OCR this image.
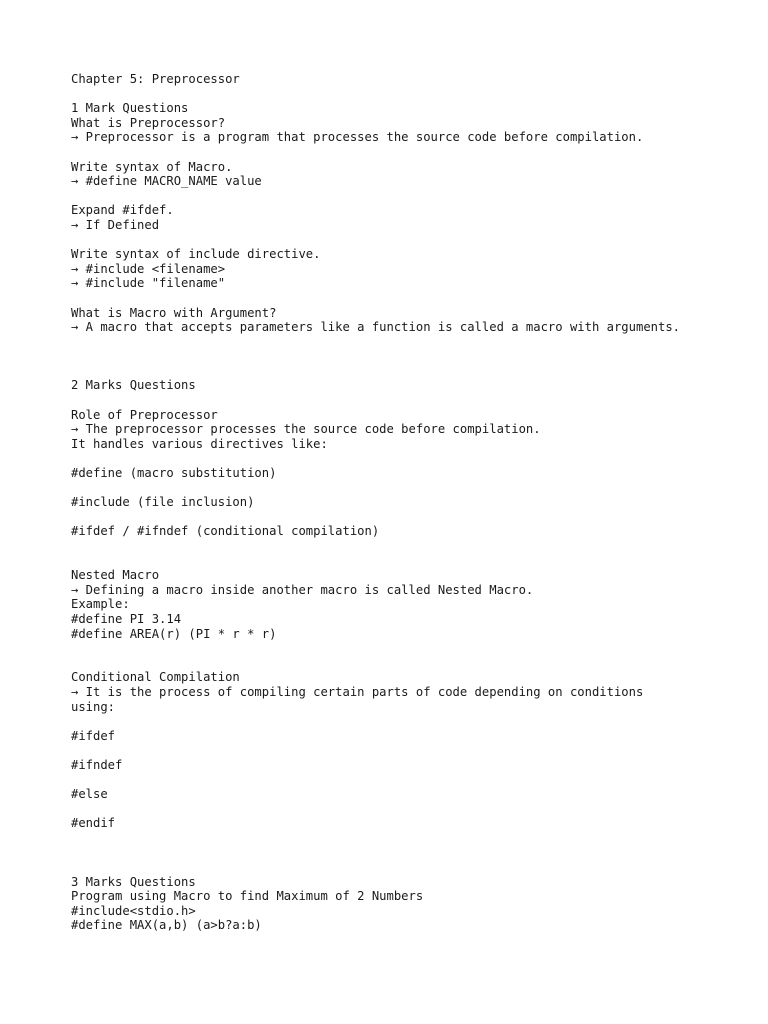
Chapter 5: Preprocessor
1 Mark Questions
What is Preprocessor?
→ Preprocessor is a program that processes the source code before compilation.
Write syntax of Macro.
→ #define MACRO_NAME value
Expand #ifdef.
→ If Defined
Write syntax of include directive.
→ #include <filename>
→ #include "filename"
What is Macro with Argument?
→ A macro that accepts parameters like a function is called a macro with arguments.
2 Marks Questions
Role of Preprocessor
→ The preprocessor processes the source code before compilation.
It handles various directives like:
#define (macro substitution)
#include (file inclusion)
#ifdef / #ifndef (conditional compilation)
Nested Macro
→ Defining a macro inside another macro is called Nested Macro.
Example:
#define PI 3.14
#define AREA(r) (PI * r * r)
Conditional Compilation
→ It is the process of compiling certain parts of code depending on conditions
using:
#ifdef
#ifndef
#else
#endif
3 Marks Questions
Program using Macro to find Maximum of 2 Numbers
#include<stdio.h>
#define MAX(a,b) (a>b?a:b)
